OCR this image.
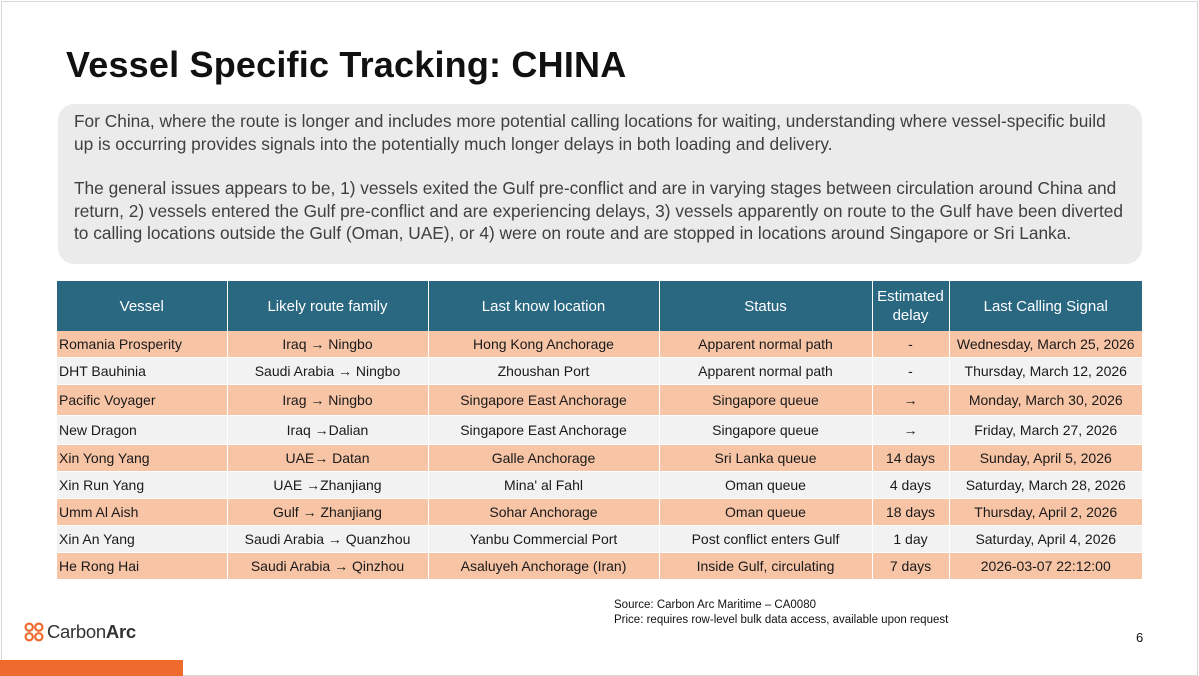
Vessel Specific Tracking: CHINA

For China, where the route is longer and includes more potential calling locations for waiting, understanding where vessel-specific build up is occurring provides signals into the potentially much longer delays in both loading and delivery.

The general issues appears to be, 1) vessels exited the Gulf pre-conflict and are in varying stages between circulation around China and return, 2) vessels entered the Gulf pre-conflict and are experiencing delays, 3) vessels apparently on route to the Gulf have been diverted to calling locations outside the Gulf (Oman, UAE), or 4) were on route and are stopped in locations around Singapore or Sri Lanka.

Vessel	Likely route family	Last know location	Status	Estimated delay	Last Calling Signal
Romania Prosperity	Iraq → Ningbo	Hong Kong Anchorage	Apparent normal path	-	Wednesday, March 25, 2026
DHT Bauhinia	Saudi Arabia → Ningbo	Zhoushan Port	Apparent normal path	-	Thursday, March 12, 2026
Pacific Voyager	Irag → Ningbo	Singapore East Anchorage	Singapore queue	→	Monday, March 30, 2026
New Dragon	Iraq →Dalian	Singapore East Anchorage	Singapore queue	→	Friday, March 27, 2026
Xin Yong Yang	UAE→ Datan	Galle Anchorage	Sri Lanka queue	14 days	Sunday, April 5, 2026
Xin Run Yang	UAE →Zhanjiang	Mina' al Fahl	Oman queue	4 days	Saturday, March 28, 2026
Umm Al Aish	Gulf → Zhanjiang	Sohar Anchorage	Oman queue	18 days	Thursday, April 2, 2026
Xin An Yang	Saudi Arabia → Quanzhou	Yanbu Commercial Port	Post conflict enters Gulf	1 day	Saturday, April 4, 2026
He Rong Hai	Saudi Arabia → Qinzhou	Asaluyeh Anchorage (Iran)	Inside Gulf, circulating	7 days	2026-03-07 22:12:00
Source: Carbon Arc Maritime – CA0080
Price: requires row-level bulk data access, available upon request
CarbonArc	6
